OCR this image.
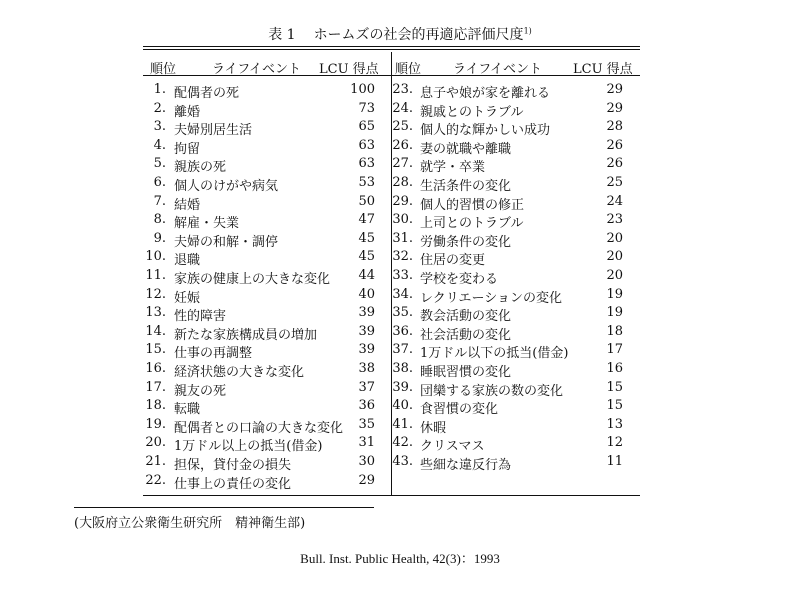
表 1 ホームズの社会的再適応評価尺度$^{1)}$
順位	ライフイベント LCU 得点 順位 ライフイベント LCU 得点
1. 配偶者の死	100
2. 離婚	73
3. 夫婦別居生活	65
4. 拘留	63
5. 親族の死	63
6. 個人のけがや病気	53
7. 結婚	50
8. 解雇・失業	47
9. 夫婦の和解・調停	45
10. 退職	45
11. 家族の健康上の大きな変化	44
12. 妊娠	40
13. 性的障害	39
14. 新たな家族構成員の増加	39
15. 仕事の再調整	39
16. 経済状態の大きな変化	38
17. 親友の死	37
18. 転職	36
19. 配偶者との口論の大きな変化	35
20. 1万ドル以上の抵当(借金)	31
21. 担保，貸付金の損失	30
22. 仕事上の責任の変化	29
23. 息子や娘が家を離れる	29
24. 親戚とのトラブル	29
25. 個人的な輝かしい成功	28
26. 妻の就職や離職	26
27. 就学・卒業	26
28. 生活条件の変化	25
29. 個人的習慣の修正	24
30. 上司とのトラブル	23
31. 労働条件の変化	20
32. 住居の変更	20
33. 学校を変わる	20
34. レクリエーションの変化	19
35. 教会活動の変化	19
36. 社会活動の変化	18
37. 1万ドル以下の抵当(借金)	17
38. 睡眠習慣の変化	16
39. 団欒する家族の数の変化	15
40. 食習慣の変化	15
41. 休暇	13
42. クリスマス	12
43. 些細な違反行為	11
(大阪府立公衆衛生研究所　精神衛生部)
Bull. Inst. Public Health, 42(3)：1993
